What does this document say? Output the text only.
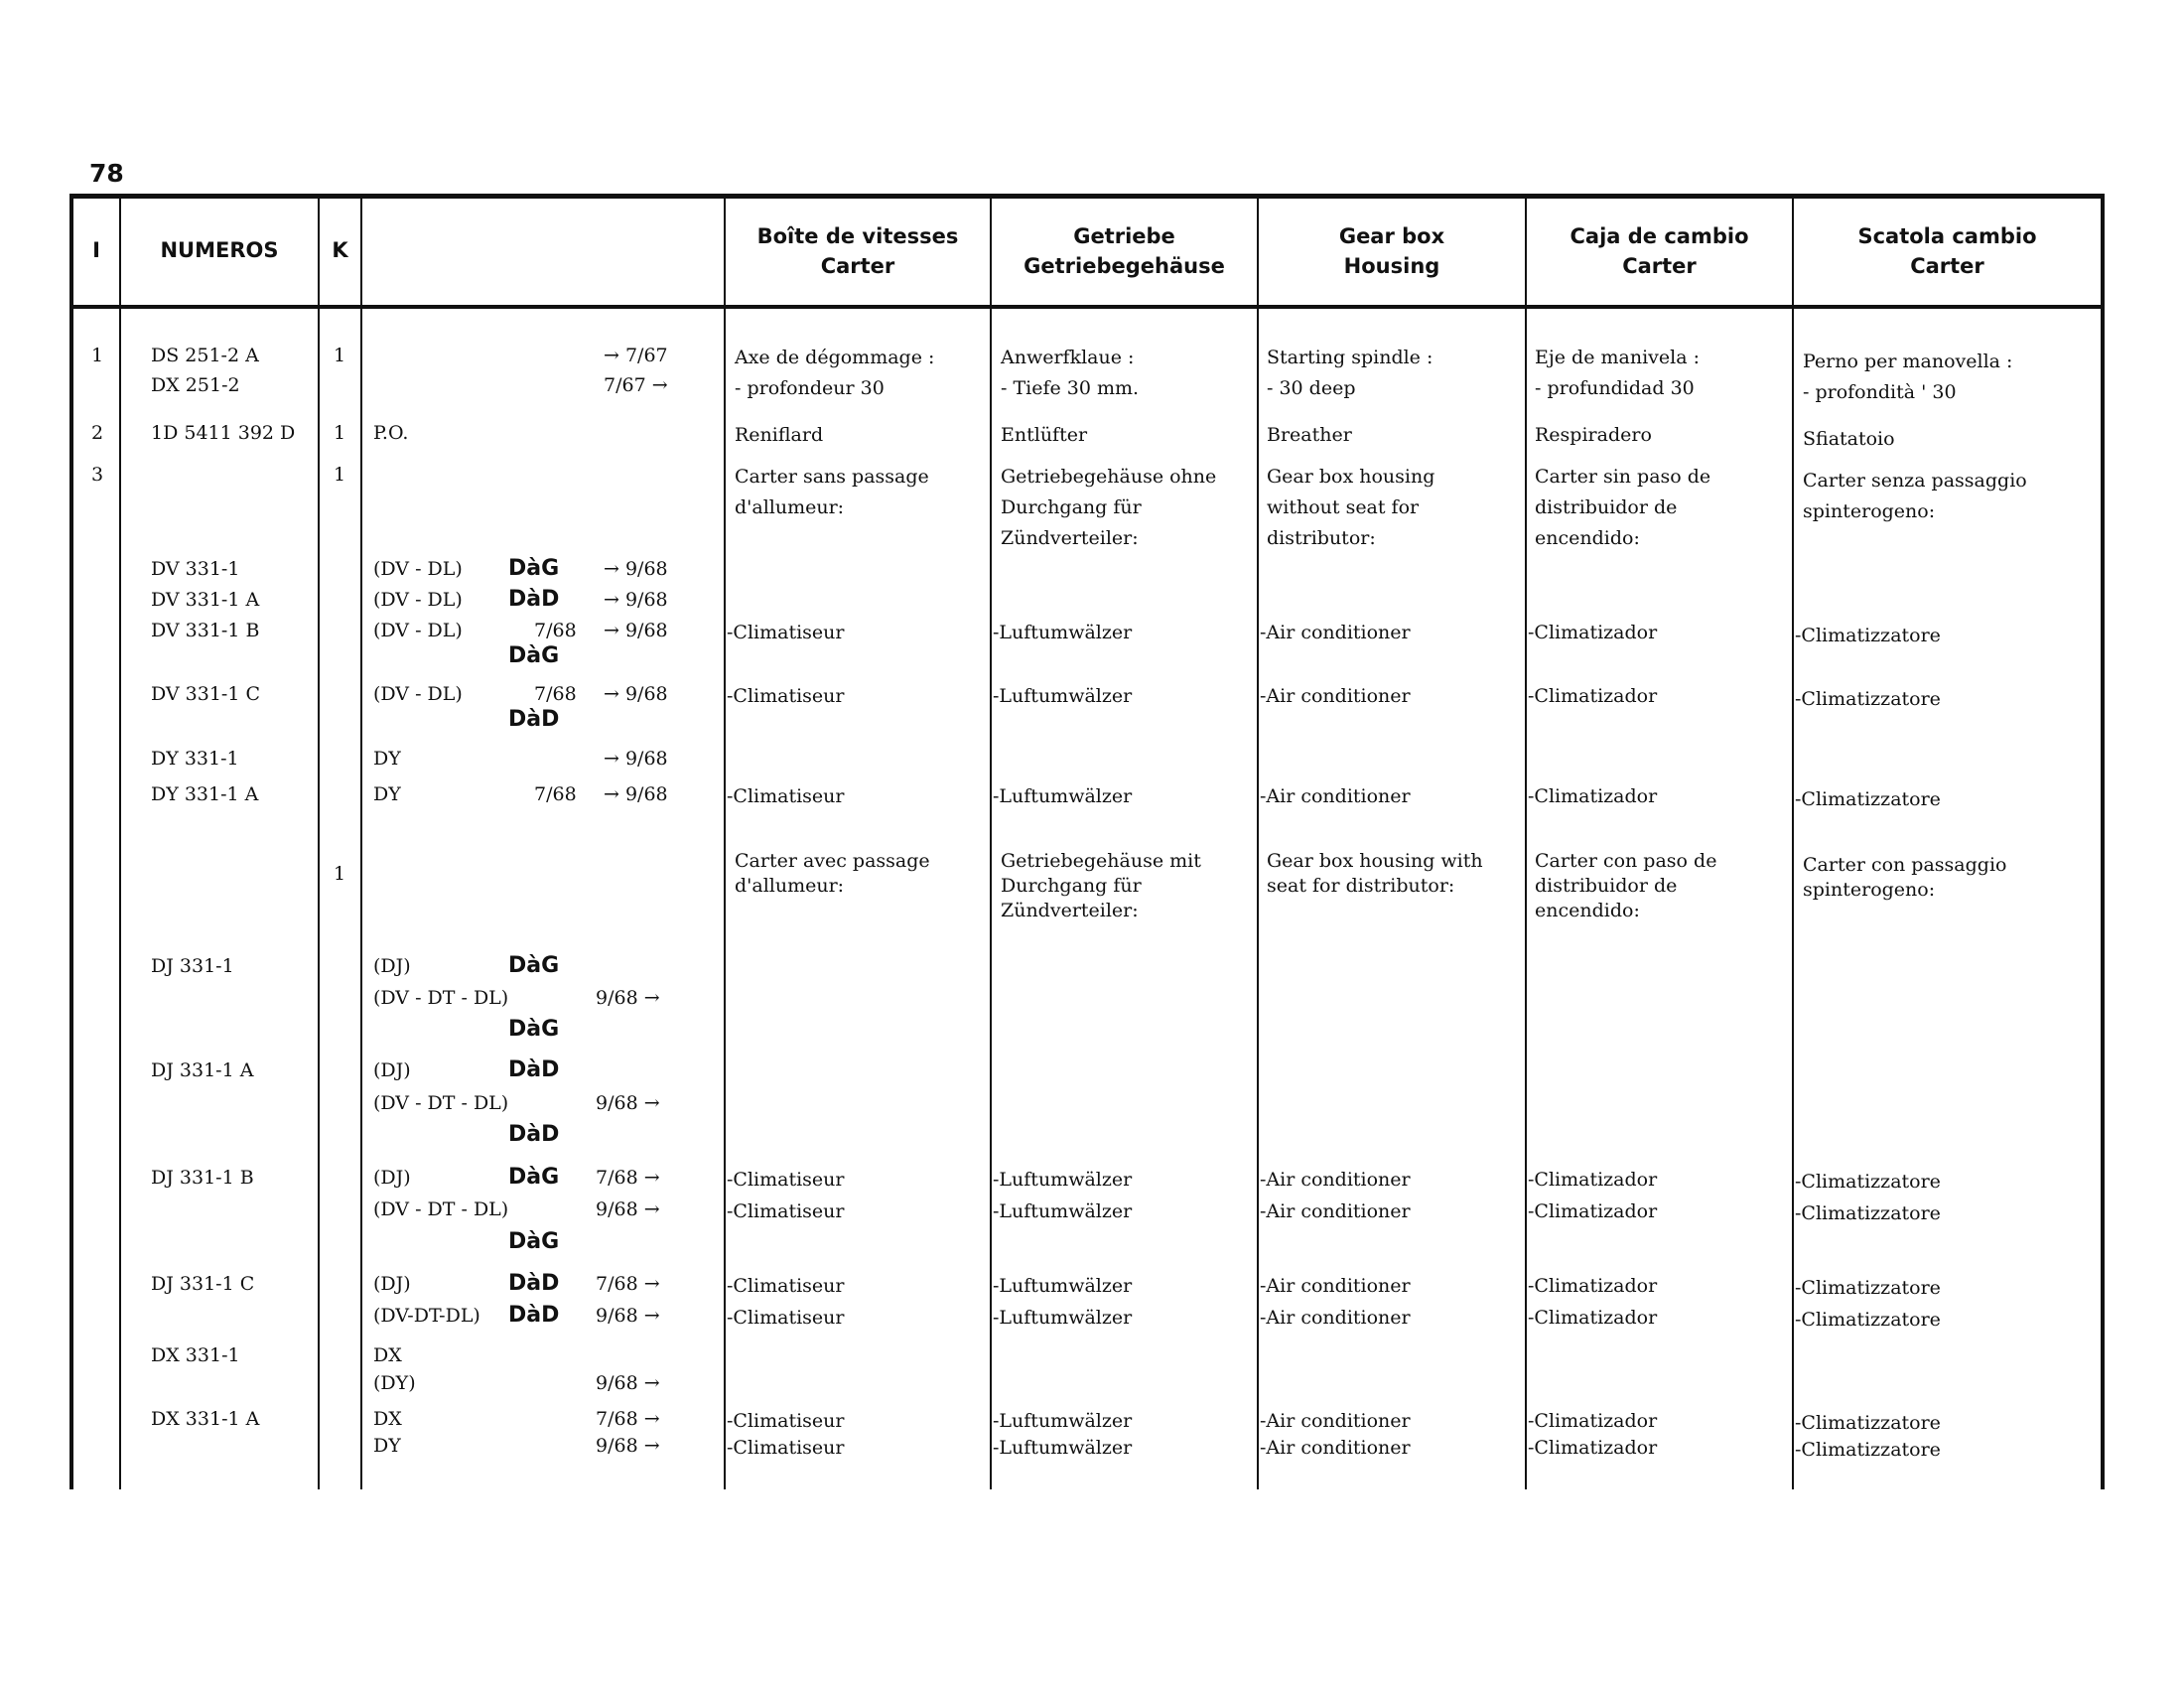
78
I	NUMEROS	K
Boîte de vitesses
Carter
Getriebe
Getriebegehäuse
Gear box
Housing
Caja de cambio
Carter
Scatola cambio
Carter
1
2
3
1
1
1
1
DS 251-2 A
DX 251-2
1D 5411 392 D
DV 331-1
DV 331-1 A
DV 331-1 B
DV 331-1 C
DY 331-1
DY 331-1 A
DJ 331-1
DJ 331-1 A
DJ 331-1 B
DJ 331-1 C
DX 331-1
DX 331-1 A
P.O.
(DV - DL)
(DV - DL)
(DV - DL)
(DV - DL)
DY
DY
(DJ)
(DV - DT - DL)
(DJ)
(DV - DT - DL)
(DJ)
(DV - DT - DL)
(DJ)
(DV-DT-DL)
DX
(DY)
DX
DY
DàG
DàD
DàG
DàD
DàG
DàG
DàD
DàD
DàG
DàG
DàD
DàD
→ 7/67
7/67 →
→ 9/68
→ 9/68
7/68 → 9/68
7/68 → 9/68
→ 9/68
7/68 → 9/68
9/68 →
9/68 →
7/68 →
9/68 →
7/68 →
9/68 →
9/68 →
7/68 →
9/68 →
Axe de dégommage :
- profondeur 30
Reniflard
Carter sans passage
d'allumeur:
-Climatiseur
-Climatiseur
-Climatiseur
Carter avec passage
d'allumeur:
-Climatiseur
-Climatiseur
-Climatiseur
-Climatiseur
-Climatiseur
-Climatiseur
Anwerfklaue :
- Tiefe 30 mm.
Entlüfter
Getriebegehäuse ohne
Durchgang für
Zündverteiler:
-Luftumwälzer
-Luftumwälzer
-Luftumwälzer
Getriebegehäuse mit
Durchgang für
Zündverteiler:
-Luftumwälzer
-Luftumwälzer
-Luftumwälzer
-Luftumwälzer
-Luftumwälzer
-Luftumwälzer
Starting spindle :
- 30 deep
Breather
Gear box housing
without seat for
distributor:
-Air conditioner
-Air conditioner
-Air conditioner
Gear box housing with
seat for distributor:
-Air conditioner
-Air conditioner
-Air conditioner
-Air conditioner
-Air conditioner
-Air conditioner
Eje de manivela :
- profundidad 30
Respiradero
Carter sin paso de
distribuidor de
encendido:
-Climatizador
-Climatizador
-Climatizador
Carter con paso de
distribuidor de
encendido:
-Climatizador
-Climatizador
-Climatizador
-Climatizador
-Climatizador
-Climatizador
Perno per manovella :
- profondità ' 30
Sfiatatoio
Carter senza passaggio
spinterogeno:
-Climatizzatore
-Climatizzatore
-Climatizzatore
Carter con passaggio
spinterogeno:
-Climatizzatore
-Climatizzatore
-Climatizzatore
-Climatizzatore
-Climatizzatore
-Climatizzatore
